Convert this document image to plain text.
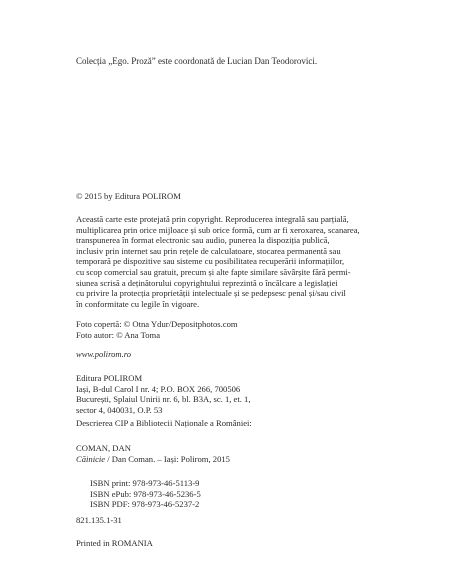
Colecția „Ego. Proză” este coordonată de Lucian Dan Teodorovici.
© 2015 by Editura POLIROM
Această carte este protejată prin copyright. Reproducerea integrală sau parțială,
multiplicarea prin orice mijloace și sub orice formă, cum ar fi xeroxarea, scanarea,
transpunerea în format electronic sau audio, punerea la dispoziția publică,
inclusiv prin internet sau prin rețele de calculatoare, stocarea permanentă sau
temporară pe dispozitive sau sisteme cu posibilitatea recuperării informațiilor,
cu scop comercial sau gratuit, precum și alte fapte similare săvârșite fără permi-
siunea scrisă a deținătorului copyrightului reprezintă o încălcare a legislației
cu privire la protecția proprietății intelectuale și se pedepsesc penal și/sau civil
în conformitate cu legile în vigoare.
Foto copertă: © Otna Ydur/Depositphotos.com
Foto autor: © Ana Toma
www.polirom.ro
Editura POLIROM
Iași, B-dul Carol I nr. 4; P.O. BOX 266, 700506
București, Splaiul Unirii nr. 6, bl. B3A, sc. 1, et. 1,
sector 4, 040031, O.P. 53
Descrierea CIP a Bibliotecii Naționale a României:
COMAN, DAN
Căinicie / Dan Coman. – Iași: Polirom, 2015
ISBN print: 978-973-46-5113-9
ISBN ePub: 978-973-46-5236-5
ISBN PDF: 978-973-46-5237-2
821.135.1-31
Printed in ROMANIA
